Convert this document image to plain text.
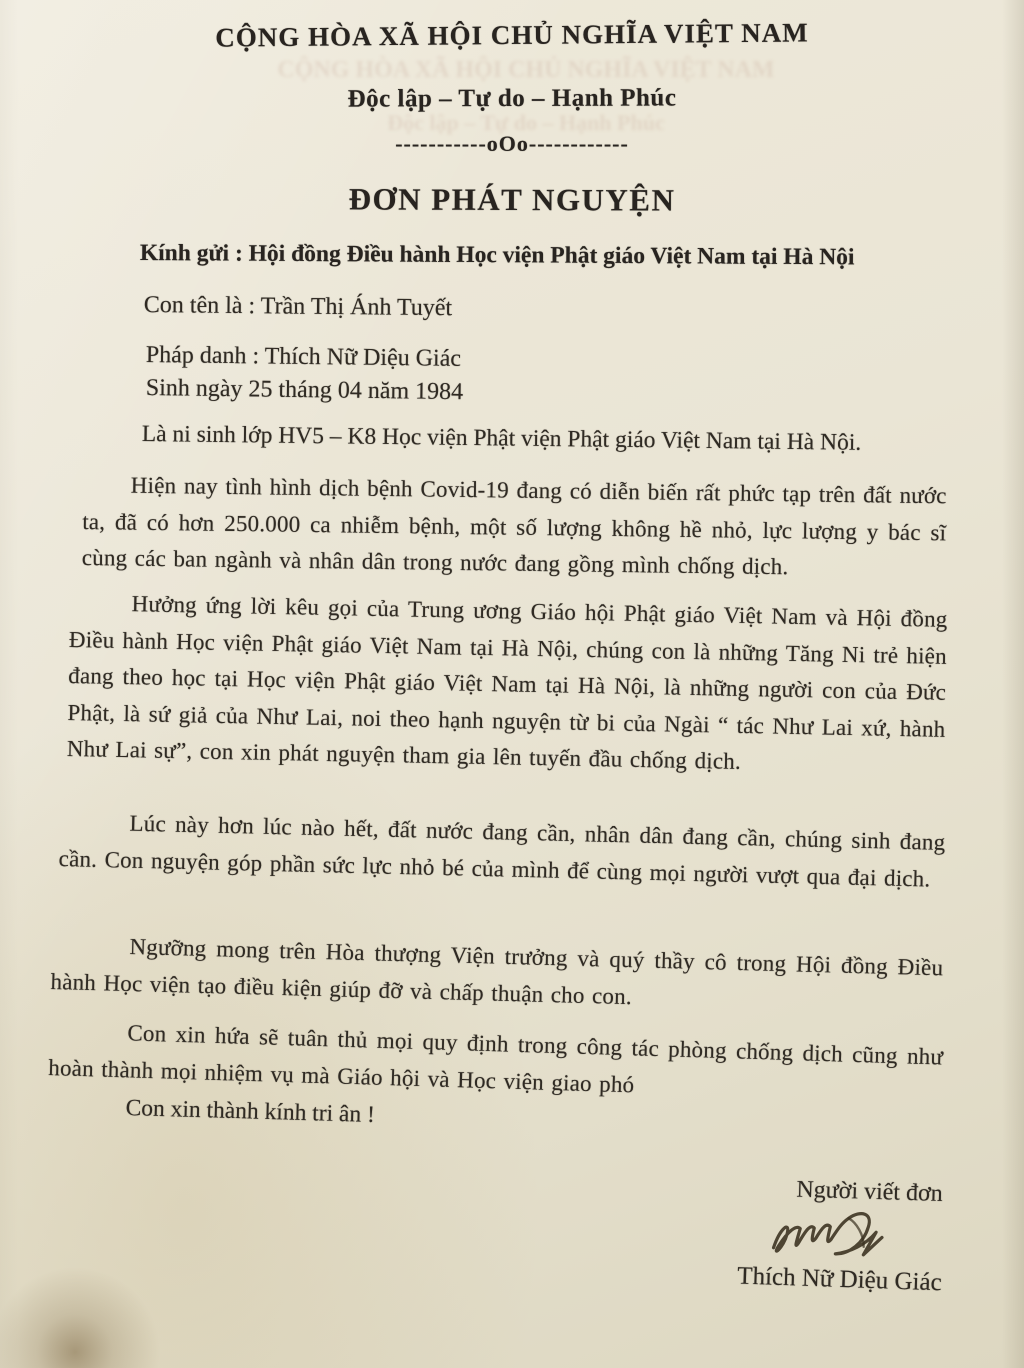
CỘNG HÒA XÃ HỘI CHỦ NGHĨA VIỆT NAM
Độc lập – Tự do – Hạnh Phúc
CỘNG HÒA XÃ HỘI CHỦ NGHĨA VIỆT NAM
Độc lập – Tự do – Hạnh Phúc
-----------oOo------------
ĐƠN PHÁT NGUYỆN
Kính gửi : Hội đồng Điều hành Học viện Phật giáo Việt Nam tại Hà Nội
Con tên là : Trần Thị Ánh Tuyết
Pháp danh : Thích Nữ Diệu Giác
Sinh ngày 25 tháng 04 năm 1984
Là ni sinh lớp HV5 – K8 Học viện Phật viện Phật giáo Việt Nam tại Hà Nội.
Hiện nay tình hình dịch bệnh Covid-19 đang có diễn biến rất phức tạp trên đất nước ta, đã có hơn 250.000 ca nhiễm bệnh, một số lượng không hề nhỏ, lực lượng y bác sĩ cùng các ban ngành và nhân dân trong nước đang gồng mình chống dịch.
Hưởng ứng lời kêu gọi của Trung ương Giáo hội Phật giáo Việt Nam và Hội đồng Điều hành Học viện Phật giáo Việt Nam tại Hà Nội, chúng con là những Tăng Ni trẻ hiện đang theo học tại Học viện Phật giáo Việt Nam tại Hà Nội, là những người con của Đức Phật, là sứ giả của Như Lai, noi theo hạnh nguyện từ bi của Ngài “ tác Như Lai xứ, hành Như Lai sự”, con xin phát nguyện tham gia lên tuyến đầu chống dịch.
Lúc này hơn lúc nào hết, đất nước đang cần, nhân dân đang cần, chúng sinh đang cần. Con nguyện góp phần sức lực nhỏ bé của mình để cùng mọi người vượt qua đại dịch.
Ngưỡng mong trên Hòa thượng Viện trưởng và quý thầy cô trong Hội đồng Điều hành Học viện tạo điều kiện giúp đỡ và chấp thuận cho con.
Con xin hứa sẽ tuân thủ mọi quy định trong công tác phòng chống dịch cũng như hoàn thành mọi nhiệm vụ mà Giáo hội và Học viện giao phó
Con xin thành kính tri ân !
Người viết đơn
Thích Nữ Diệu Giác
